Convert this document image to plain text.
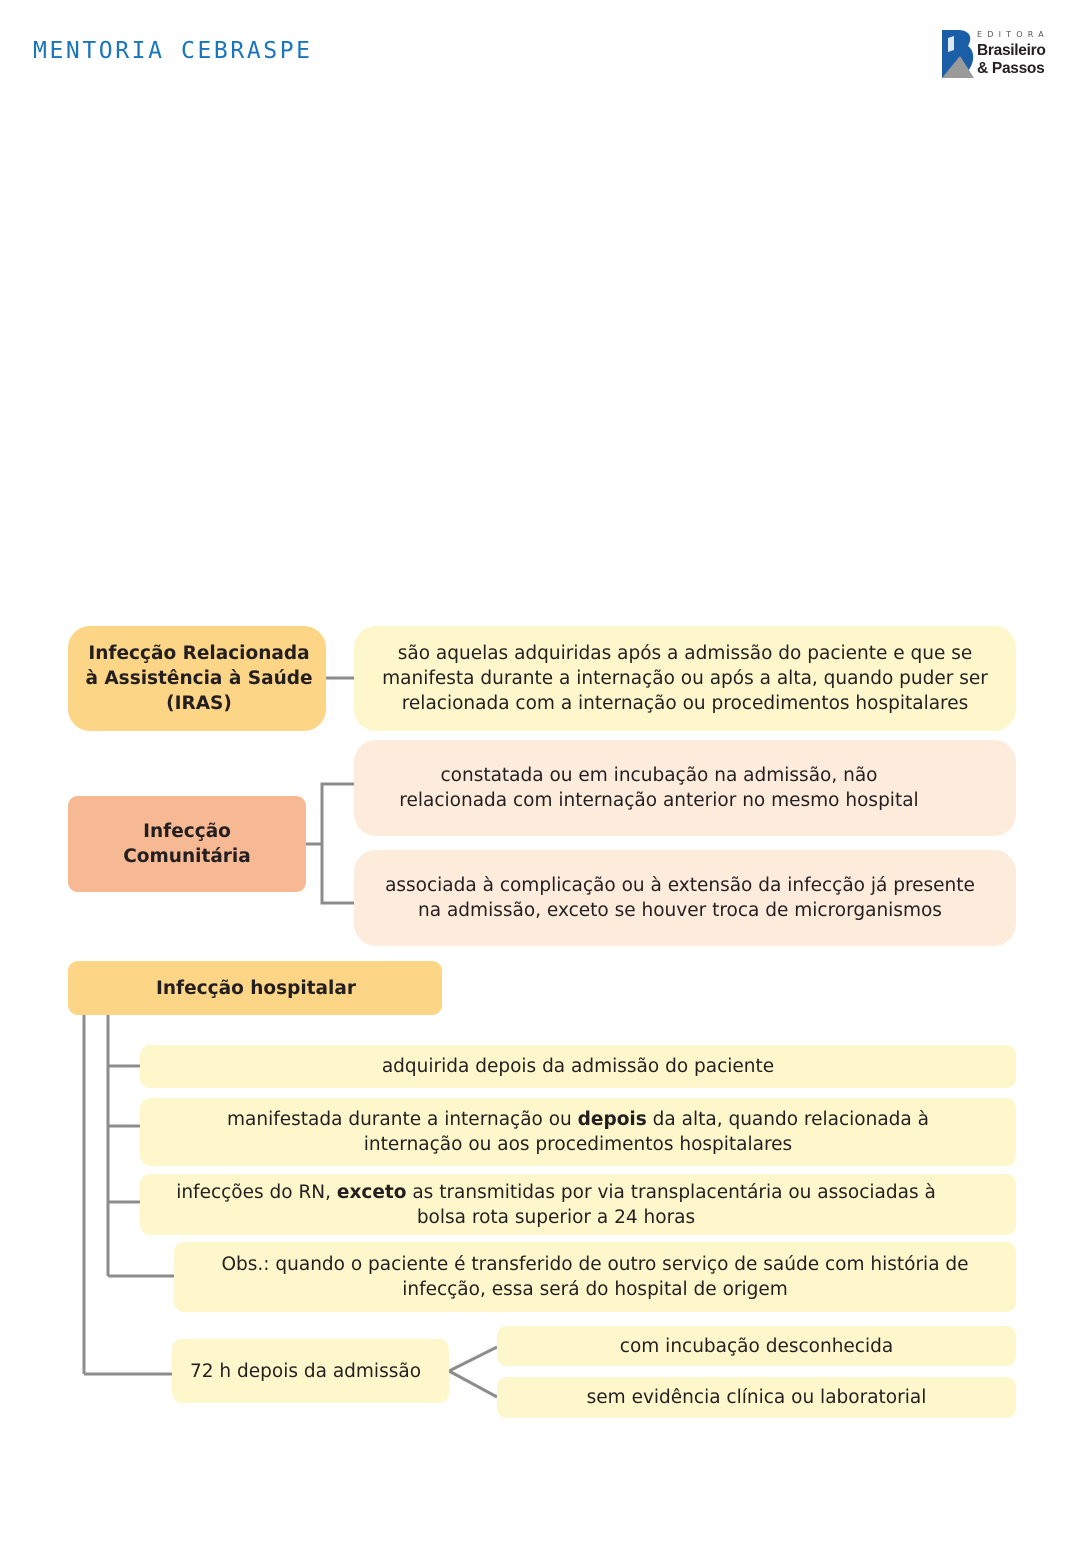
MENTORIA CEBRASPE
EDITORA
Brasileiro
& Passos
Infecção Relacionada à Assistência à Saúde (IRAS)
são aquelas adquiridas após a admissão do paciente e que se manifesta durante a internação ou após a alta, quando puder ser relacionada com a internação ou procedimentos hospitalares
Infecção Comunitária
constatada ou em incubação na admissão, não relacionada com internação anterior no mesmo hospital
associada à complicação ou à extensão da infecção já presente na admissão, exceto se houver troca de microrganismos
Infecção hospitalar
adquirida depois da admissão do paciente
manifestada durante a internação ou depois da alta, quando relacionada à internação ou aos procedimentos hospitalares
infecções do RN, exceto as transmitidas por via transplacentária ou associadas à bolsa rota superior a 24 horas
Obs.: quando o paciente é transferido de outro serviço de saúde com história de infecção, essa será do hospital de origem
72 h depois da admissão
com incubação desconhecida
sem evidência clínica ou laboratorial
